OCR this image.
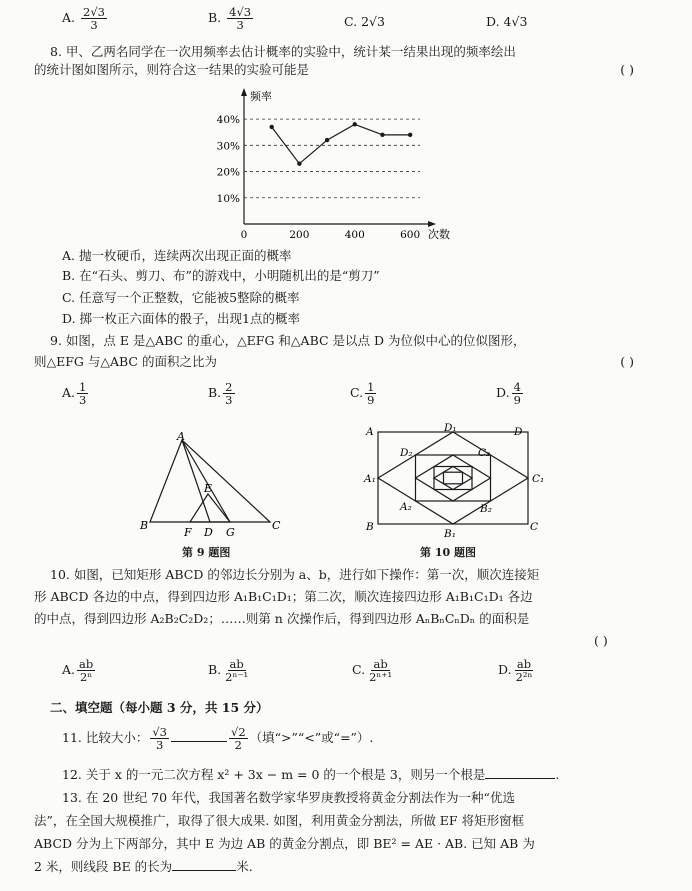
A. $\frac{2√3}{3}$	B. $\frac{4√3}{3}$	C. 2√3	D. 4√3
8. 甲、乙两名同学在一次用频率去估计概率的实验中，统计某一结果出现的频率绘出
的统计图如图所示，则符合这一结果的实验可能是	( )
10%
20%
30%
40%
0	200	400	600
频率
次数
A. 抛一枚硬币，连续两次出现正面的概率
B. 在“石头、剪刀、布”的游戏中，小明随机出的是“剪刀”
C. 任意写一个正整数，它能被5整除的概率
D. 掷一枚正六面体的骰子，出现1点的概率
9. 如图，点 E 是△ABC 的重心，△EFG 和△ABC 是以点 D 为位似中心的位似图形，
则△EFG 与△ABC 的面积之比为	( )
A. $\frac{1}{3}$	B. $\frac{2}{3}$	C. $\frac{1}{9}$	D. $\frac{4}{9}$
A
E
B
F D G
C
第 9 题图
A	D₁	D
D₂	C₂
A₁	C₁
A₂	B₂
B
B₁
C
第 10 题图
10. 如图，已知矩形 ABCD 的邻边长分别为 a、b，进行如下操作：第一次，顺次连接矩
形 ABCD 各边的中点，得到四边形 A₁B₁C₁D₁；第二次，顺次连接四边形 A₁B₁C₁D₁ 各边
的中点，得到四边形 A₂B₂C₂D₂；……则第 n 次操作后，得到四边形 AₙBₙCₙDₙ 的面积是
( )
A. $\frac{ab}{\text{2ⁿ}}$	B. $\frac{ab}{\text{2ⁿ⁻¹}}$	C. $\frac{ab}{\text{2ⁿ⁺¹}}$	D. $\frac{ab}{\text{2²ⁿ}}$
二、填空题（每小题 3 分，共 15 分）
11. 比较大小： $\frac{√3}{3}$	$\frac{√2}{2}$ （填“>”“<”或“=”）.
12. 关于 x 的一元二次方程 x² + 3x − m = 0 的一个根是 3，则另一个根是	.
13. 在 20 世纪 70 年代，我国著名数学家华罗庚教授将黄金分割法作为一种“优选
法”，在全国大规模推广，取得了很大成果. 如图，利用黄金分割法，所做 EF 将矩形窗框
ABCD 分为上下两部分，其中 E 为边 AB 的黄金分割点，即 BE² = AE · AB. 已知 AB 为
2 米，则线段 BE 的长为	米.
